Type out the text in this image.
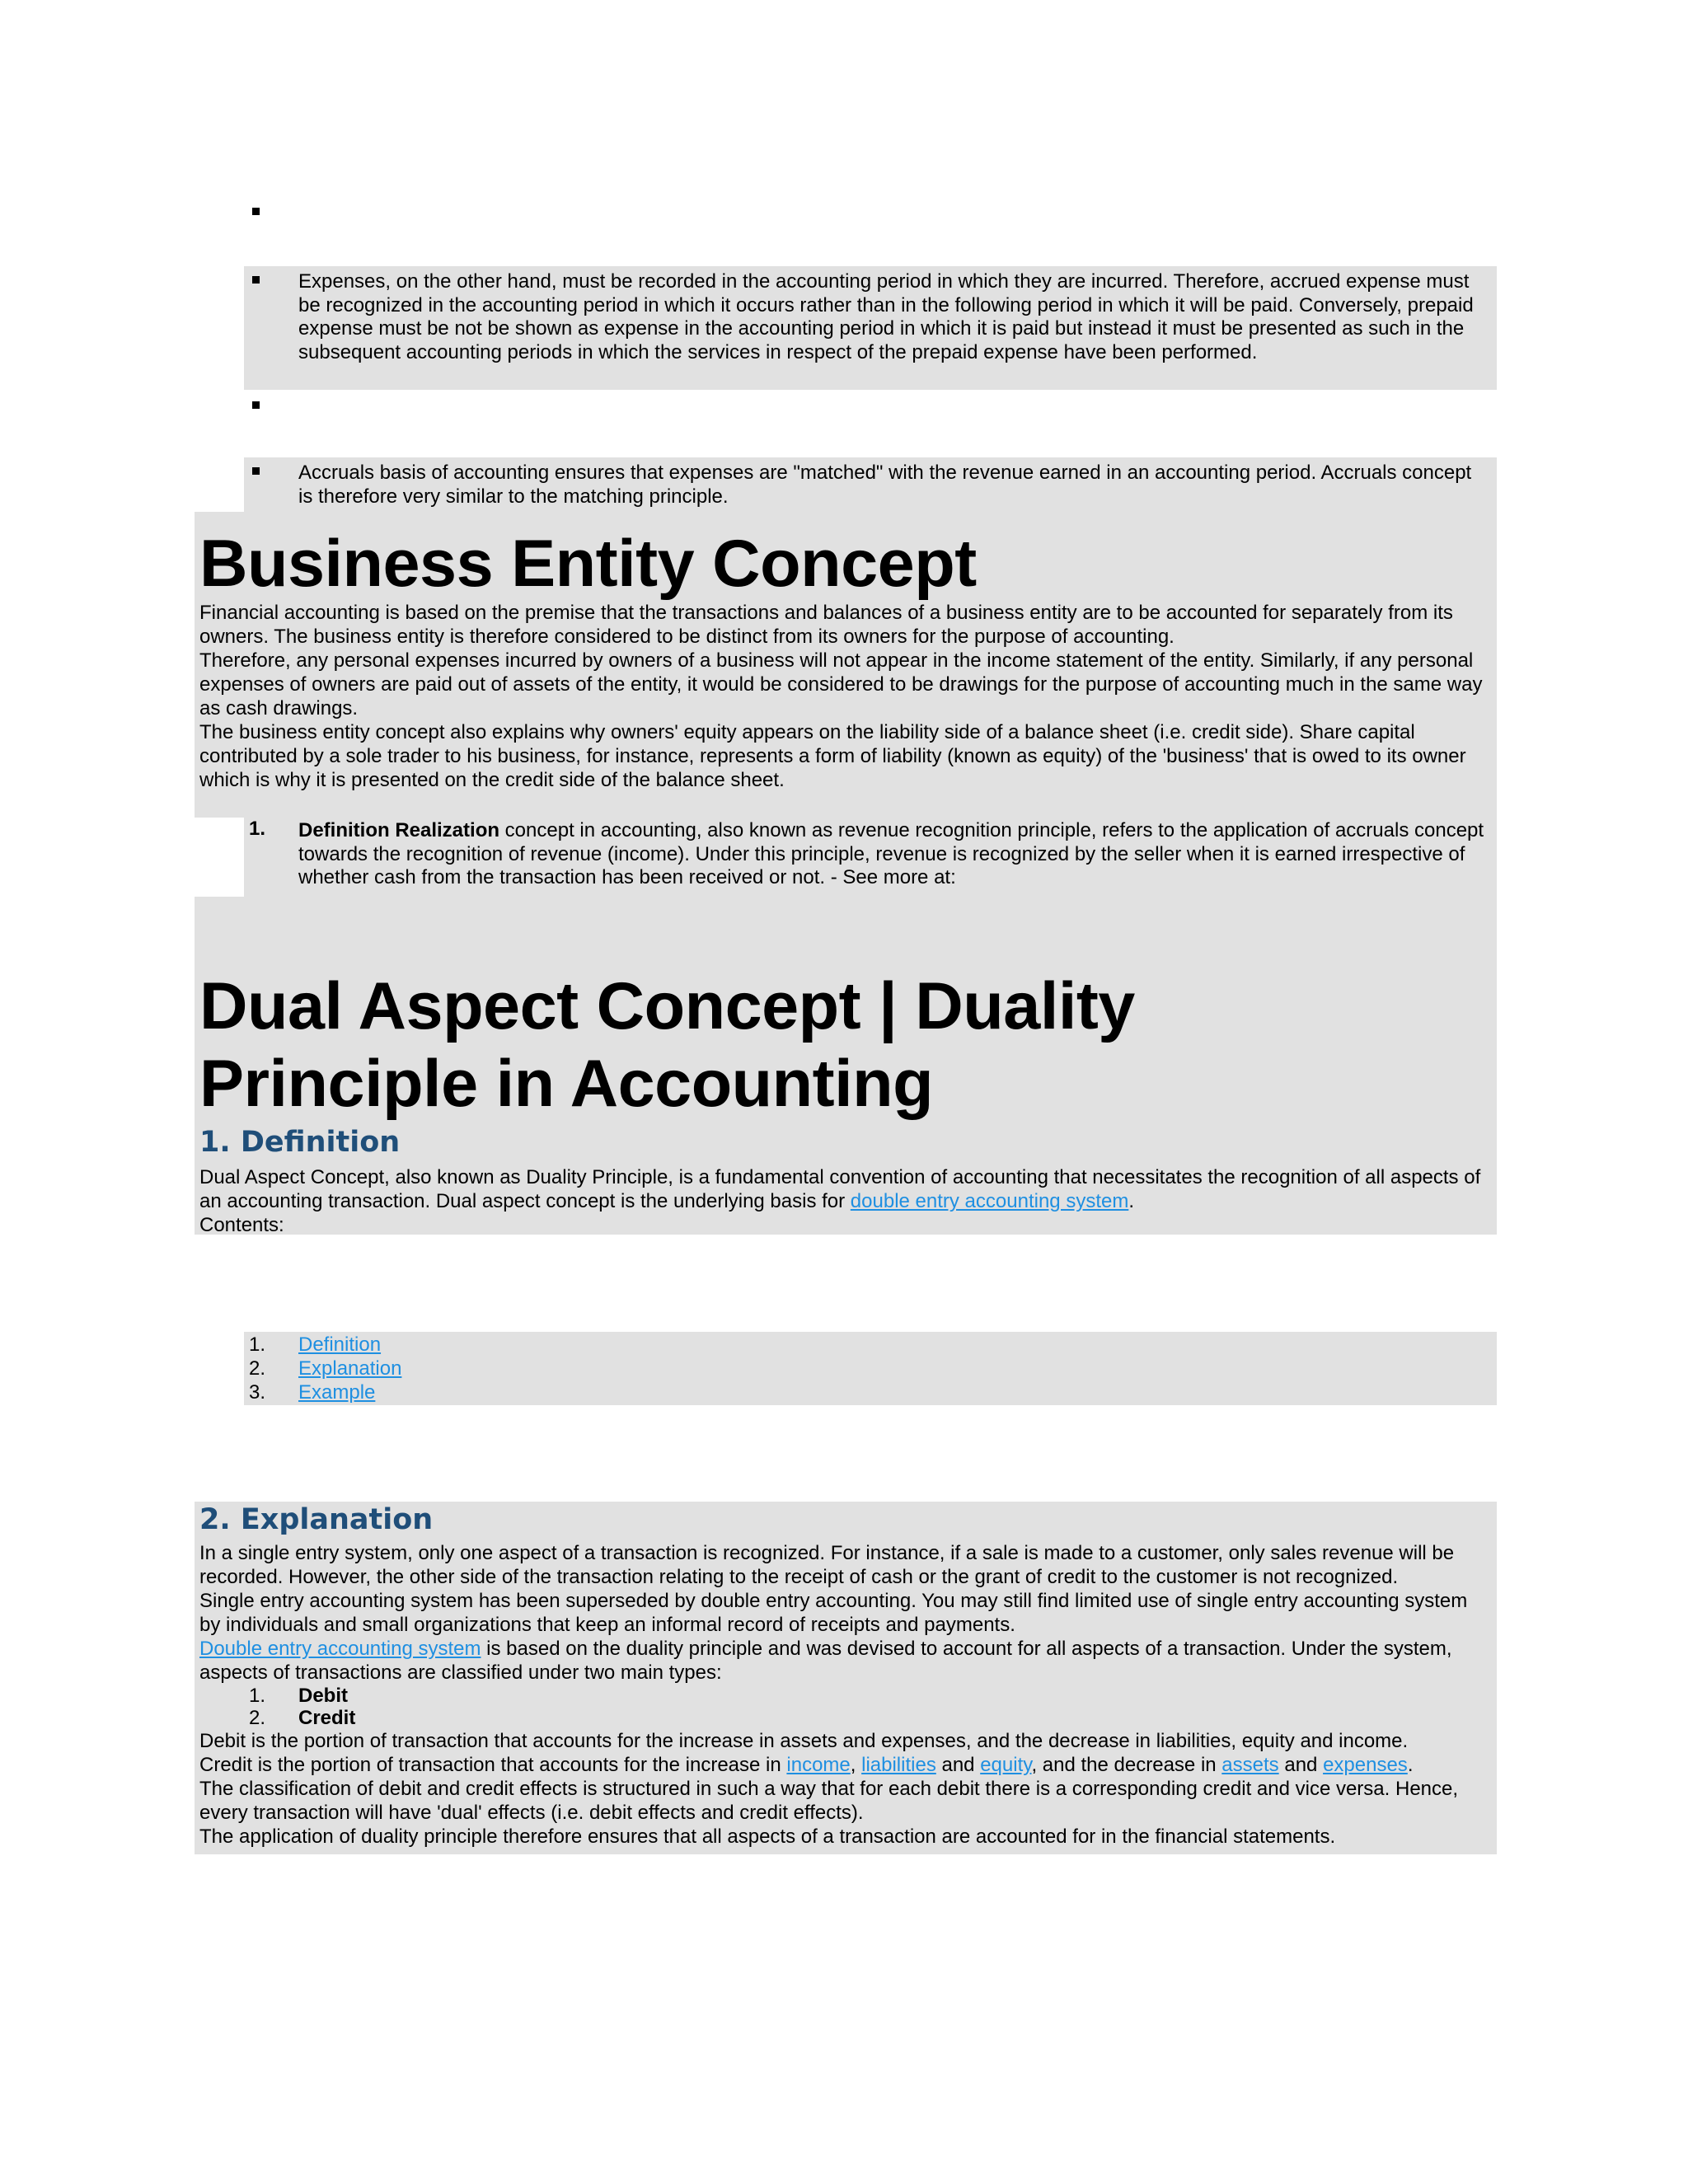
Expenses, on the other hand, must be recorded in the accounting period in which they are incurred. Therefore, accrued expense must be recognized in the accounting period in which it occurs rather than in the following period in which it will be paid. Conversely, prepaid expense must be not be shown as expense in the accounting period in which it is paid but instead it must be presented as such in the subsequent accounting periods in which the services in respect of the prepaid expense have been performed.
Accruals basis of accounting ensures that expenses are "matched" with the revenue earned in an accounting period. Accruals concept is therefore very similar to the matching principle.
Business Entity Concept

Financial accounting is based on the premise that the transactions and balances of a business entity are to be accounted for separately from its owners. The business entity is therefore considered to be distinct from its owners for the purpose of accounting.

Therefore, any personal expenses incurred by owners of a business will not appear in the income statement of the entity. Similarly, if any personal expenses of owners are paid out of assets of the entity, it would be considered to be drawings for the purpose of accounting much in the same way as cash drawings.

The business entity concept also explains why owners' equity appears on the liability side of a balance sheet (i.e. credit side). Share capital contributed by a sole trader to his business, for instance, represents a form of liability (known as equity) of the 'business' that is owed to its owner which is why it is presented on the credit side of the balance sheet.

1. Definition Realization concept in accounting, also known as revenue recognition principle, refers to the application of accruals concept towards the recognition of revenue (income). Under this principle, revenue is recognized by the seller when it is earned irrespective of whether cash from the transaction has been received or not. - See more at:
Dual Aspect Concept | Duality Principle in Accounting
1. Definition

Dual Aspect Concept, also known as Duality Principle, is a fundamental convention of accounting that necessitates the recognition of all aspects of an accounting transaction. Dual aspect concept is the underlying basis for double entry accounting system.

Contents:

1.	Definition
2.	Explanation
3.	Example
2. Explanation

In a single entry system, only one aspect of a transaction is recognized. For instance, if a sale is made to a customer, only sales revenue will be recorded. However, the other side of the transaction relating to the receipt of cash or the grant of credit to the customer is not recognized.

Single entry accounting system has been superseded by double entry accounting. You may still find limited use of single entry accounting system by individuals and small organizations that keep an informal record of receipts and payments.

Double entry accounting system is based on the duality principle and was devised to account for all aspects of a transaction. Under the system, aspects of transactions are classified under two main types:

1.	Debit
2.	Credit

Debit is the portion of transaction that accounts for the increase in assets and expenses, and the decrease in liabilities, equity and income.

Credit is the portion of transaction that accounts for the increase in income, liabilities and equity, and the decrease in assets and expenses.

The classification of debit and credit effects is structured in such a way that for each debit there is a corresponding credit and vice versa. Hence, every transaction will have 'dual' effects (i.e. debit effects and credit effects).

The application of duality principle therefore ensures that all aspects of a transaction are accounted for in the financial statements.
